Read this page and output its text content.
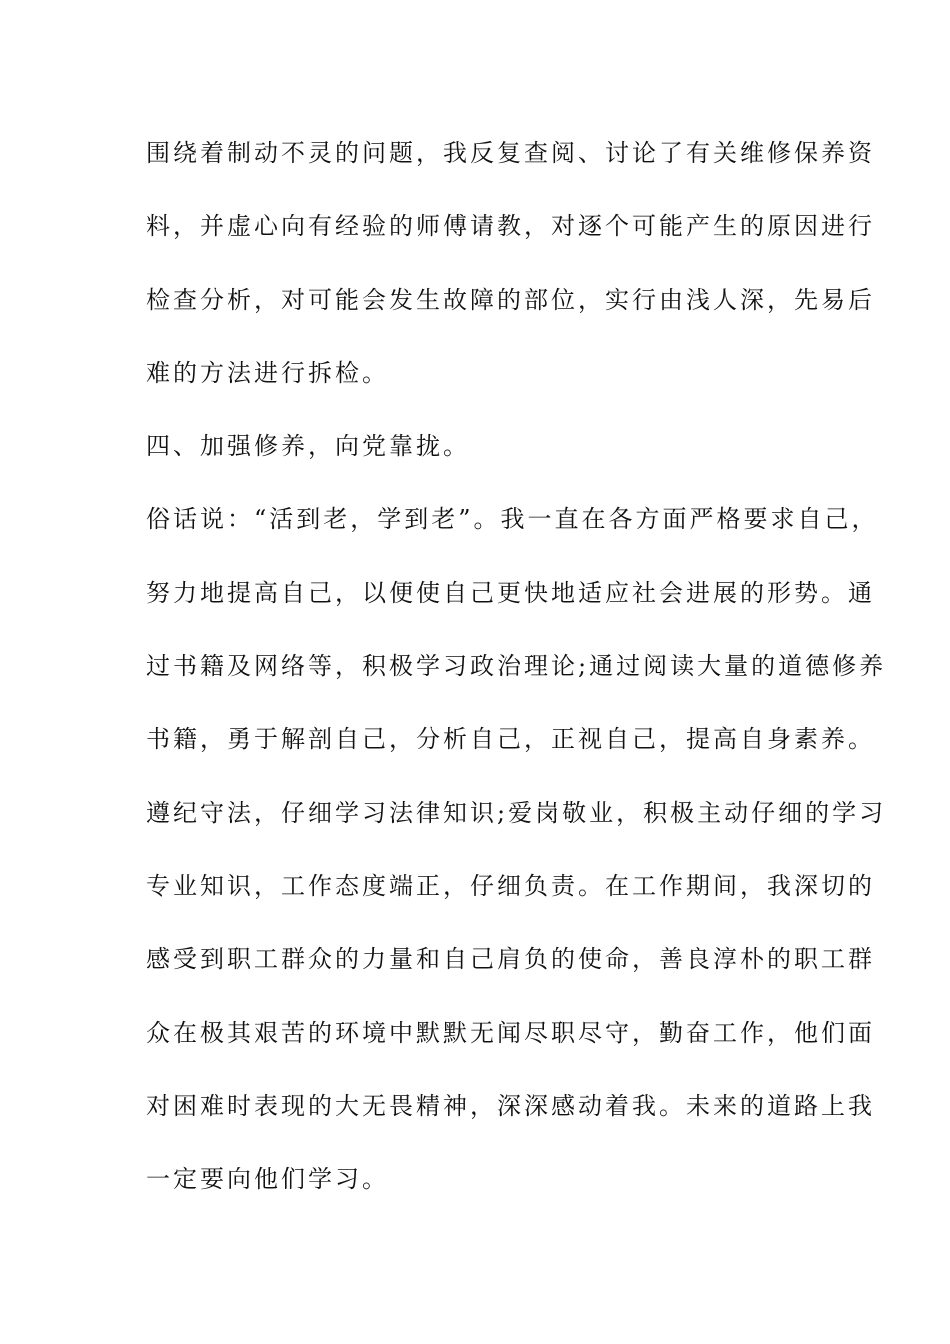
围绕着制动不灵的问题，我反复查阅、讨论了有关维修保养资
料，并虚心向有经验的师傅请教，对逐个可能产生的原因进行
检查分析，对可能会发生故障的部位，实行由浅人深，先易后
难的方法进行拆检。
四、加强修养，向党靠拢。
俗话说：“活到老，学到老”。我一直在各方面严格要求自己，
努力地提高自己，以便使自己更快地适应社会进展的形势。通
过书籍及网络等，积极学习政治理论;通过阅读大量的道德修养
书籍，勇于解剖自己，分析自己，正视自己，提高自身素养。
遵纪守法，仔细学习法律知识;爱岗敬业，积极主动仔细的学习
专业知识，工作态度端正，仔细负责。在工作期间，我深切的
感受到职工群众的力量和自己肩负的使命，善良淳朴的职工群
众在极其艰苦的环境中默默无闻尽职尽守，勤奋工作，他们面
对困难时表现的大无畏精神，深深感动着我。未来的道路上我
一定要向他们学习。
